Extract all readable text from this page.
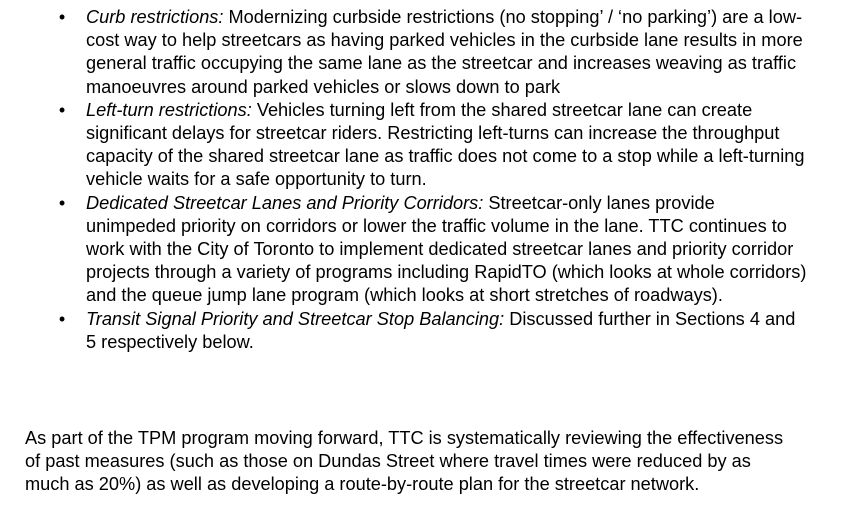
• Curb restrictions: Modernizing curbside restrictions (no stopping’ / ‘no parking’) are a low-cost way to help streetcars as having parked vehicles in the curbside lane results in more general traffic occupying the same lane as the streetcar and increases weaving as traffic manoeuvres around parked vehicles or slows down to park
• Left-turn restrictions: Vehicles turning left from the shared streetcar lane can create significant delays for streetcar riders. Restricting left-turns can increase the throughput capacity of the shared streetcar lane as traffic does not come to a stop while a left-turning vehicle waits for a safe opportunity to turn.
• Dedicated Streetcar Lanes and Priority Corridors: Streetcar-only lanes provide unimpeded priority on corridors or lower the traffic volume in the lane. TTC continues to work with the City of Toronto to implement dedicated streetcar lanes and priority corridor projects through a variety of programs including RapidTO (which looks at whole corridors) and the queue jump lane program (which looks at short stretches of roadways).
• Transit Signal Priority and Streetcar Stop Balancing: Discussed further in Sections 4 and 5 respectively below.

As part of the TPM program moving forward, TTC is systematically reviewing the effectiveness of past measures (such as those on Dundas Street where travel times were reduced by as much as 20%) as well as developing a route-by-route plan for the streetcar network.
